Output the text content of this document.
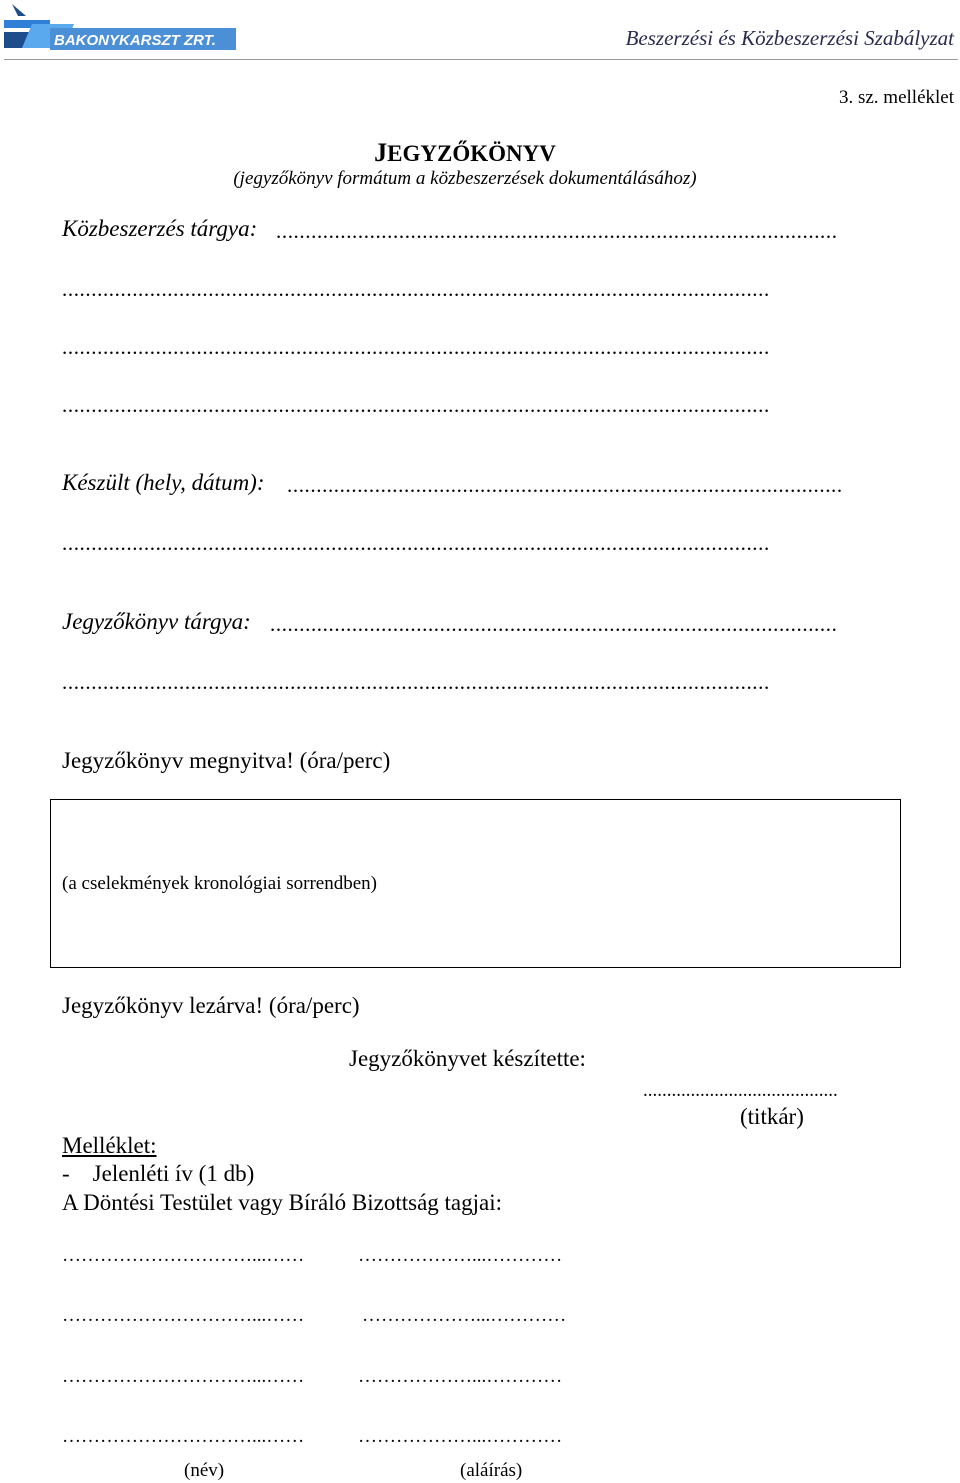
BAKONYKARSZT ZRT.	Beszerzési és Közbeszerzési Szabályzat
3. sz. melléklet
JEGYZŐKÖNYV
(jegyzőkönyv formátum a közbeszerzések dokumentálásához)
Közbeszerzés tárgya: ................................................................................................
.........................................................................................................................
.........................................................................................................................
.........................................................................................................................
Készült (hely, dátum): ...............................................................................................
.........................................................................................................................
Jegyzőkönyv tárgya: .................................................................................................
.........................................................................................................................
Jegyzőkönyv megnyitva! (óra/perc)
(a cselekmények kronológiai sorrendben)
Jegyzőkönyv lezárva! (óra/perc)
Jegyzőkönyvet készítette:
.........................................
(titkár)
Melléklet:
-    Jelenléti ív (1 db)
A Döntési Testület vagy Bíráló Bizottság tagjai:
…………………………...……	………………...…………
…………………………...……	………………...…………
…………………………...……	………………...…………
…………………………...……	………………...…………
(név)	(aláírás)
